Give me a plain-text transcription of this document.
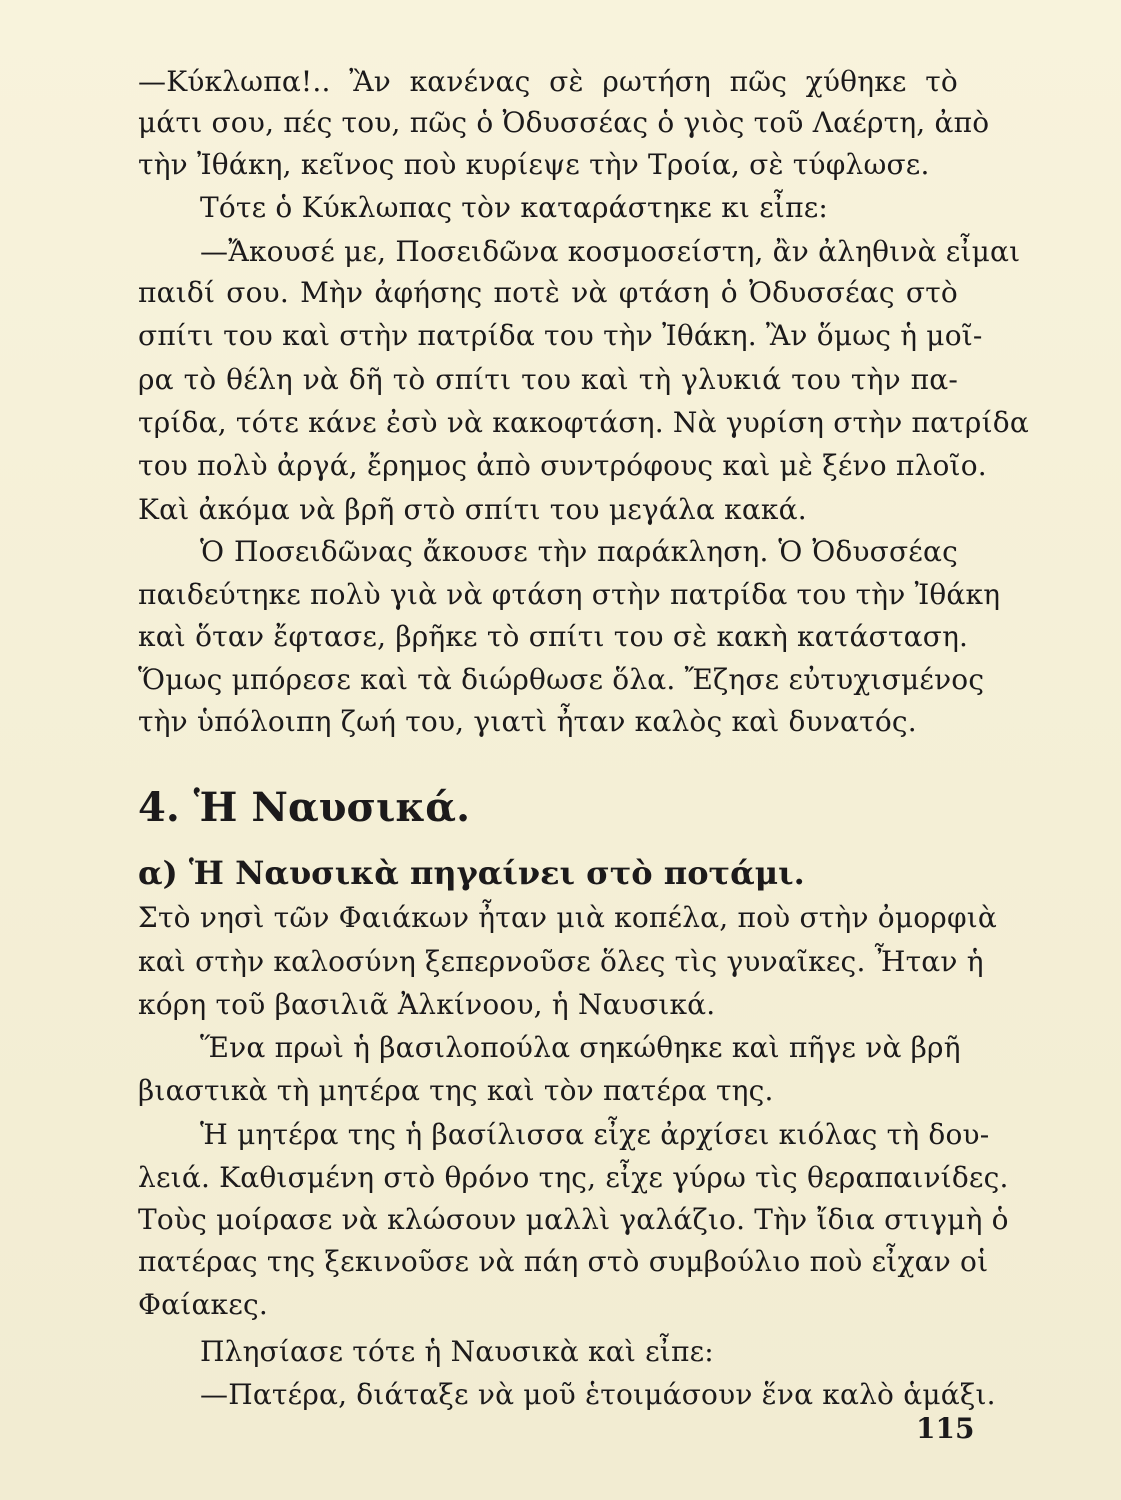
—Κύκλωπα!.. Ἂν κανένας σὲ ρωτήση πῶς χύθηκε τὸ
μάτι σου, πές του, πῶς ὁ Ὀδυσσέας ὁ γιὸς τοῦ Λαέρτη, ἀπὸ
τὴν Ἰθάκη, κεῖνος ποὺ κυρίεψε τὴν Τροία, σὲ τύφλωσε.
Τότε ὁ Κύκλωπας τὸν καταράστηκε κι εἶπε:
—Ἄκουσέ με, Ποσειδῶνα κοσμοσείστη, ἂν ἀληθινὰ εἶμαι
παιδί σου. Μὴν ἀφήσης ποτὲ νὰ φτάση ὁ Ὀδυσσέας στὸ
σπίτι του καὶ στὴν πατρίδα του τὴν Ἰθάκη. Ἂν ὅμως ἡ μοῖ-
ρα τὸ θέλη νὰ δῆ τὸ σπίτι του καὶ τὴ γλυκιά του τὴν πα-
τρίδα, τότε κάνε ἐσὺ νὰ κακοφτάση. Νὰ γυρίση στὴν πατρίδα
του πολὺ ἀργά, ἔρημος ἀπὸ συντρόφους καὶ μὲ ξένο πλοῖο.
Καὶ ἀκόμα νὰ βρῆ στὸ σπίτι του μεγάλα κακά.
Ὁ Ποσειδῶνας ἄκουσε τὴν παράκληση. Ὁ Ὀδυσσέας
παιδεύτηκε πολὺ γιὰ νὰ φτάση στὴν πατρίδα του τὴν Ἰθάκη
καὶ ὅταν ἔφτασε, βρῆκε τὸ σπίτι του σὲ κακὴ κατάσταση.
Ὅμως μπόρεσε καὶ τὰ διώρθωσε ὅλα. Ἔζησε εὐτυχισμένος
τὴν ὑπόλοιπη ζωή του, γιατὶ ἦταν καλὸς καὶ δυνατός.
4. Ἡ Ναυσικά.
α) Ἡ Ναυσικὰ πηγαίνει στὸ ποτάμι.
Στὸ νησὶ τῶν Φαιάκων ἦταν μιὰ κοπέλα, ποὺ στὴν ὀμορφιὰ
καὶ στὴν καλοσύνη ξεπερνοῦσε ὅλες τὶς γυναῖκες. Ἦταν ἡ
κόρη τοῦ βασιλιᾶ Ἀλκίνοου, ἡ Ναυσικά.
Ἕνα πρωὶ ἡ βασιλοπούλα σηκώθηκε καὶ πῆγε νὰ βρῆ
βιαστικὰ τὴ μητέρα της καὶ τὸν πατέρα της.
Ἡ μητέρα της ἡ βασίλισσα εἶχε ἀρχίσει κιόλας τὴ δου-
λειά. Καθισμένη στὸ θρόνο της, εἶχε γύρω τὶς θεραπαινίδες.
Τοὺς μοίρασε νὰ κλώσουν μαλλὶ γαλάζιο. Τὴν ἴδια στιγμὴ ὁ
πατέρας της ξεκινοῦσε νὰ πάη στὸ συμβούλιο ποὺ εἶχαν οἱ
Φαίακες.
Πλησίασε τότε ἡ Ναυσικὰ καὶ εἶπε:
—Πατέρα, διάταξε νὰ μοῦ ἑτοιμάσουν ἕνα καλὸ ἁμάξι.
115
